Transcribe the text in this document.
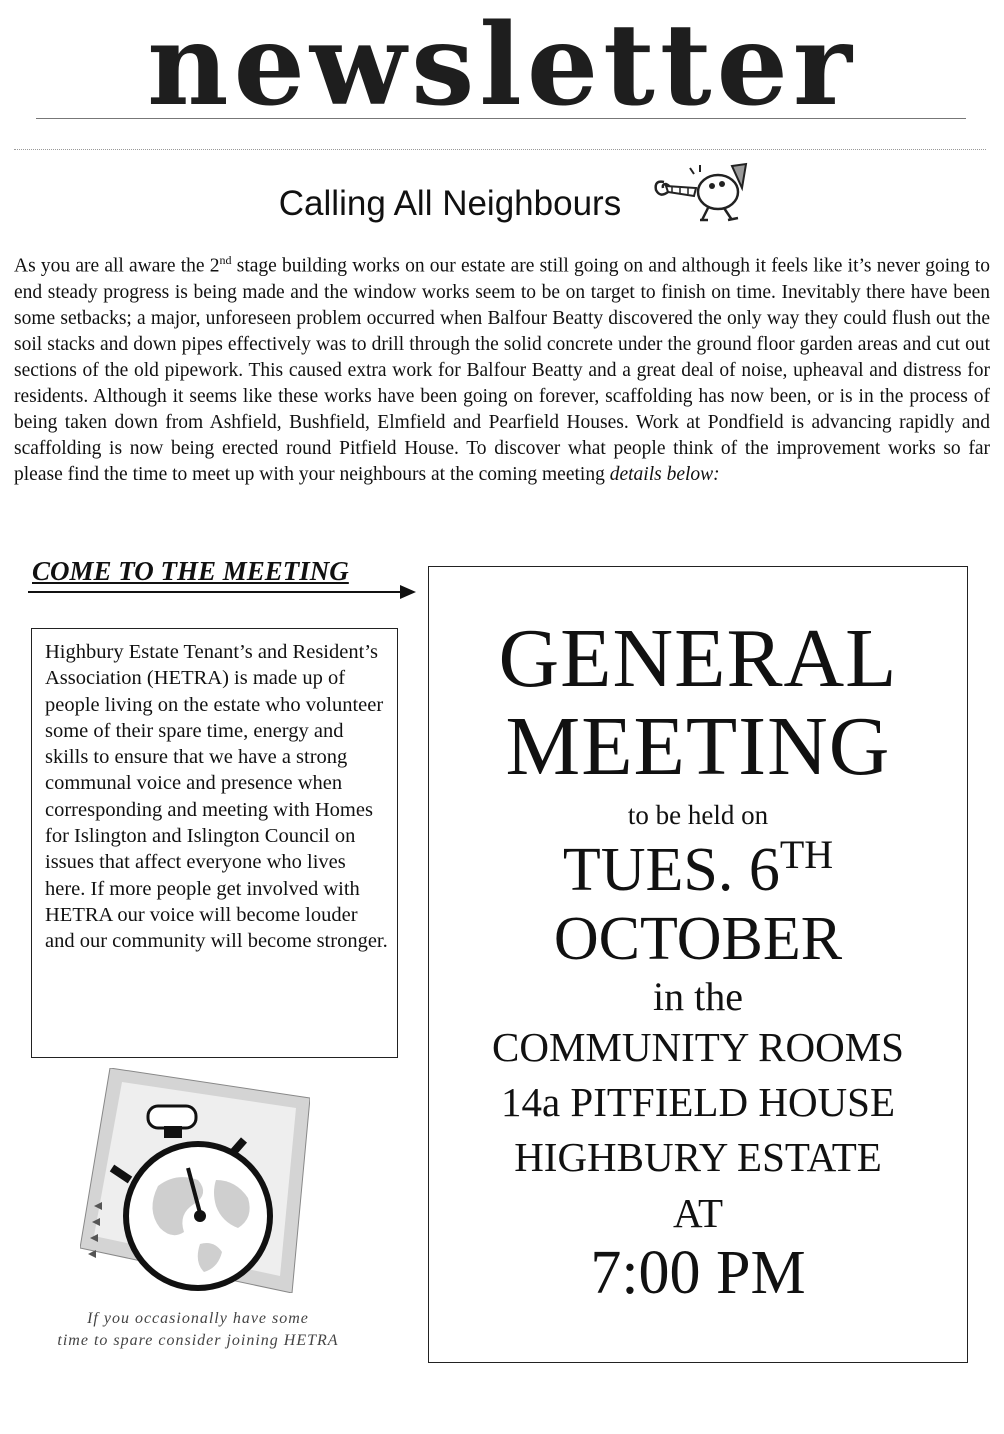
newsletter
Calling All Neighbours

As you are all aware the 2nd stage building works on our estate are still going on and although it feels like it’s never going to end steady progress is being made and the window works seem to be on target to finish on time. Inevitably there have been some setbacks; a major, unforeseen problem occurred when Balfour Beatty discovered the only way they could flush out the soil stacks and down pipes effectively was to drill through the solid concrete under the ground floor garden areas and cut out sections of the old pipework. This caused extra work for Balfour Beatty and a great deal of noise, upheaval and distress for residents. Although it seems like these works have been going on forever, scaffolding has now been, or is in the process of being taken down from Ashfield, Bushfield, Elmfield and Pearfield Houses. Work at Pondfield is advancing rapidly and scaffolding is now being erected round Pitfield House. To discover what people think of the improvement works so far please find the time to meet up with your neighbours at the coming meeting details below:

COME TO THE MEETING
Highbury Estate Tenant’s and Resident’s Association (HETRA) is made up of people living on the estate who volunteer some of their spare time, energy and skills to ensure that we have a strong communal voice and presence when corresponding and meeting with Homes for Islington and Islington Council on issues that affect everyone who lives here. If more people get involved with HETRA our voice will become louder and our community will become stronger.
If you occasionally have some
time to spare consider joining HETRA
GENERAL
MEETING
to be held on
TUES. 6TH
OCTOBER
in the
COMMUNITY ROOMS
14a PITFIELD HOUSE
HIGHBURY ESTATE
AT
7:00 PM
